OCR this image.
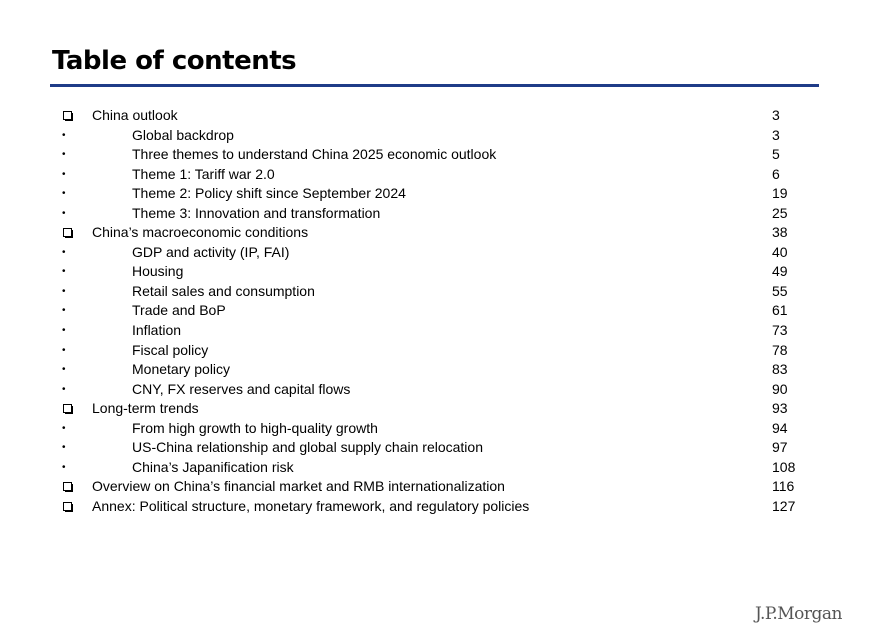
Table of contents
China outlook	3
•	Global backdrop	3
•	Three themes to understand China 2025 economic outlook	5
•	Theme 1: Tariff war 2.0	6
•	Theme 2: Policy shift since September 2024	19
•	Theme 3: Innovation and transformation	25
China’s macroeconomic conditions	38
•	GDP and activity (IP, FAI)	40
•	Housing	49
•	Retail sales and consumption	55
•	Trade and BoP	61
•	Inflation	73
•	Fiscal policy	78
•	Monetary policy	83
•	CNY, FX reserves and capital flows	90
Long-term trends	93
•	From high growth to high-quality growth	94
•	US-China relationship and global supply chain relocation	97
•	China’s Japanification risk	108
Overview on China’s financial market and RMB internationalization	116
Annex: Political structure, monetary framework, and regulatory policies	127
J.P.Morgan
